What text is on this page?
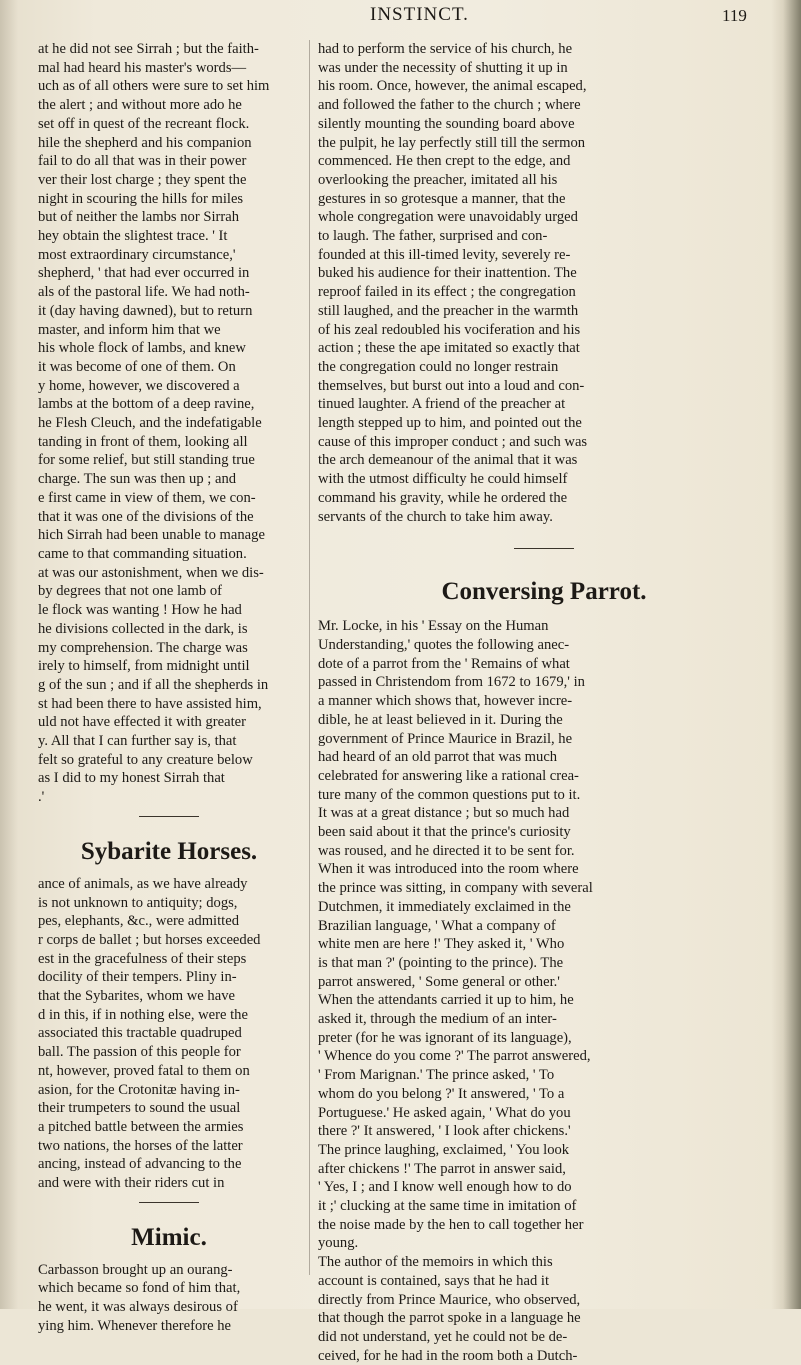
INSTINCT.	119
at he did not see Sirrah ; but the faith-
mal had heard his master's words—
uch as of all others were sure to set him
the alert ; and without more ado he
set off in quest of the recreant flock.
hile the shepherd and his companion
fail to do all that was in their power
ver their lost charge ; they spent the
night in scouring the hills for miles
but of neither the lambs nor Sirrah
hey obtain the slightest trace. ' It
most extraordinary circumstance,'
shepherd, ' that had ever occurred in
als of the pastoral life. We had noth-
it (day having dawned), but to return
master, and inform him that we
his whole flock of lambs, and knew
it was become of one of them. On
y home, however, we discovered a
lambs at the bottom of a deep ravine,
he Flesh Cleuch, and the indefatigable
tanding in front of them, looking all
for some relief, but still standing true
charge. The sun was then up ; and
e first came in view of them, we con-
that it was one of the divisions of the
hich Sirrah had been unable to manage
came to that commanding situation.
at was our astonishment, when we dis-
by degrees that not one lamb of
le flock was wanting ! How he had
he divisions collected in the dark, is
my comprehension. The charge was
irely to himself, from midnight until
g of the sun ; and if all the shepherds in
st had been there to have assisted him,
uld not have effected it with greater
y. All that I can further say is, that
felt so grateful to any creature below
as I did to my honest Sirrah that
.'
Sybarite Horses.
ance of animals, as we have already
is not unknown to antiquity; dogs,
pes, elephants, &c., were admitted
r corps de ballet ; but horses exceeded
est in the gracefulness of their steps
docility of their tempers. Pliny in-
that the Sybarites, whom we have
d in this, if in nothing else, were the
associated this tractable quadruped
ball. The passion of this people for
nt, however, proved fatal to them on
asion, for the Crotonitæ having in-
their trumpeters to sound the usual
a pitched battle between the armies
two nations, the horses of the latter
ancing, instead of advancing to the
and were with their riders cut in
Mimic.
Carbasson brought up an ourang-
which became so fond of him that,
he went, it was always desirous of
ying him. Whenever therefore he
had to perform the service of his church, he
was under the necessity of shutting it up in
his room. Once, however, the animal escaped,
and followed the father to the church ; where
silently mounting the sounding board above
the pulpit, he lay perfectly still till the sermon
commenced. He then crept to the edge, and
overlooking the preacher, imitated all his
gestures in so grotesque a manner, that the
whole congregation were unavoidably urged
to laugh. The father, surprised and con-
founded at this ill-timed levity, severely re-
buked his audience for their inattention. The
reproof failed in its effect ; the congregation
still laughed, and the preacher in the warmth
of his zeal redoubled his vociferation and his
action ; these the ape imitated so exactly that
the congregation could no longer restrain
themselves, but burst out into a loud and con-
tinued laughter. A friend of the preacher at
length stepped up to him, and pointed out the
cause of this improper conduct ; and such was
the arch demeanour of the animal that it was
with the utmost difficulty he could himself
command his gravity, while he ordered the
servants of the church to take him away.
Conversing Parrot.
Mr. Locke, in his ' Essay on the Human
Understanding,' quotes the following anec-
dote of a parrot from the ' Remains of what
passed in Christendom from 1672 to 1679,' in
a manner which shows that, however incre-
dible, he at least believed in it. During the
government of Prince Maurice in Brazil, he
had heard of an old parrot that was much
celebrated for answering like a rational crea-
ture many of the common questions put to it.
It was at a great distance ; but so much had
been said about it that the prince's curiosity
was roused, and he directed it to be sent for.
When it was introduced into the room where
the prince was sitting, in company with several
Dutchmen, it immediately exclaimed in the
Brazilian language, ' What a company of
white men are here !' They asked it, ' Who
is that man ?' (pointing to the prince). The
parrot answered, ' Some general or other.'
When the attendants carried it up to him, he
asked it, through the medium of an inter-
preter (for he was ignorant of its language),
' Whence do you come ?' The parrot answered,
' From Marignan.' The prince asked, ' To
whom do you belong ?' It answered, ' To a
Portuguese.' He asked again, ' What do you
there ?' It answered, ' I look after chickens.'
The prince laughing, exclaimed, ' You look
after chickens !' The parrot in answer said,
' Yes, I ; and I know well enough how to do
it ;' clucking at the same time in imitation of
the noise made by the hen to call together her
young.
The author of the memoirs in which this
account is contained, says that he had it
directly from Prince Maurice, who observed,
that though the parrot spoke in a language he
did not understand, yet he could not be de-
ceived, for he had in the room both a Dutch-
